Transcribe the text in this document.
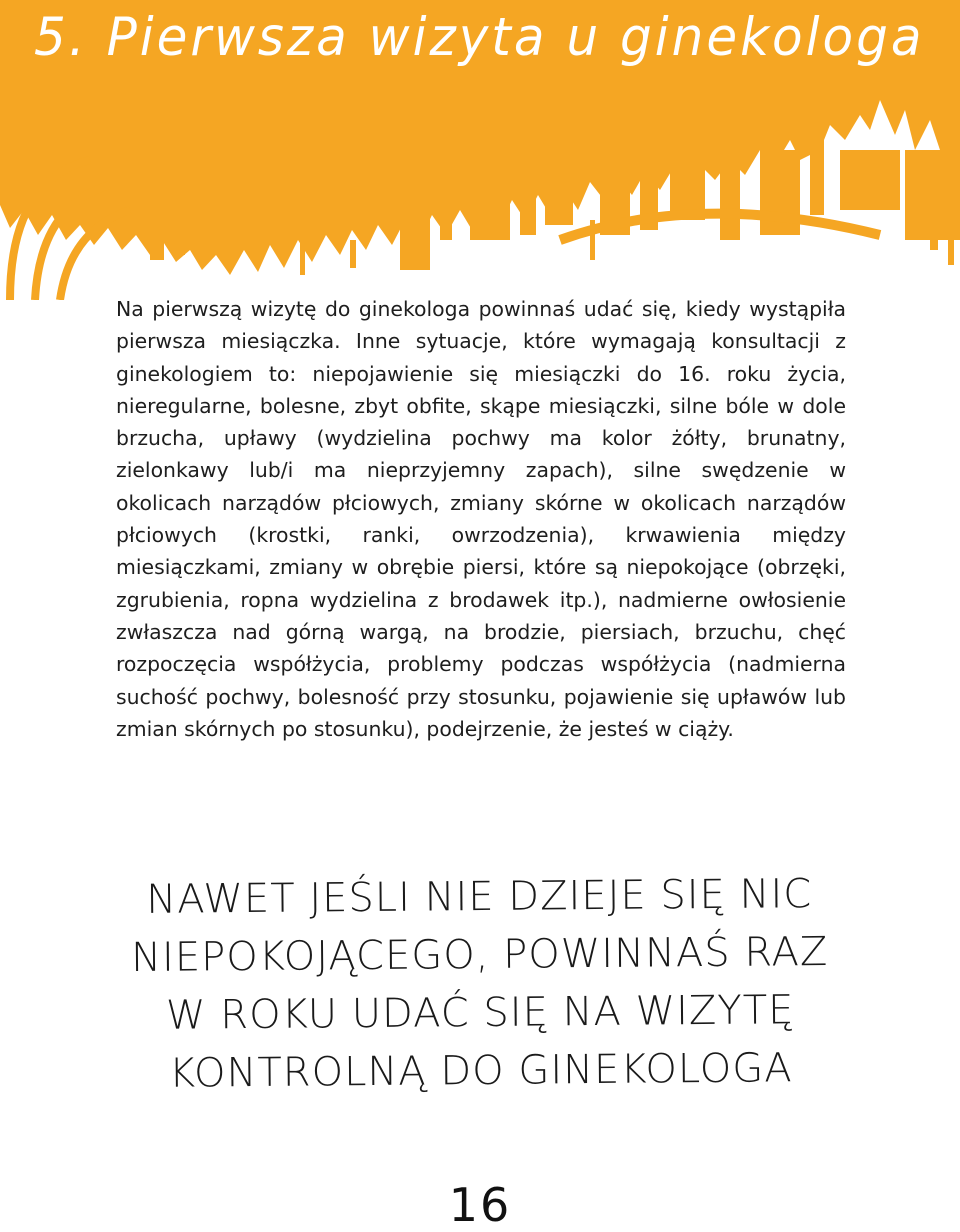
5. Pierwsza wizyta u ginekologa

Na pierwszą wizytę do ginekologa powinnaś udać się, kiedy wystąpiła pierwsza miesiączka. Inne sytuacje, które wymagają konsultacji z ginekologiem to: niepojawienie się miesiączki do 16. roku życia, nieregularne, bolesne, zbyt obfite, skąpe miesiączki, silne bóle w dole brzucha, upławy (wydzielina pochwy ma kolor żółty, brunatny, zielonkawy lub/i ma nieprzyjemny zapach), silne swędzenie w okolicach narządów płciowych, zmiany skórne w okolicach narządów płciowych (krostki, ranki, owrzodzenia), krwawienia między miesiączkami, zmiany w obrębie piersi, które są niepokojące (obrzęki, zgrubienia, ropna wydzielina z brodawek itp.), nadmierne owłosienie zwłaszcza nad górną wargą, na brodzie, piersiach, brzuchu, chęć rozpoczęcia współżycia, problemy podczas współżycia (nadmierna suchość pochwy, bolesność przy stosunku, pojawienie się upławów lub zmian skórnych po stosunku), podejrzenie, że jesteś w ciąży.

NAWET JEŚLI NIE DZIEJE SIĘ NIC NIEPOKOJĄCEGO, POWINNAŚ RAZ W ROKU UDAĆ SIĘ NA WIZYTĘ KONTROLNĄ DO GINEKOLOGA

16
